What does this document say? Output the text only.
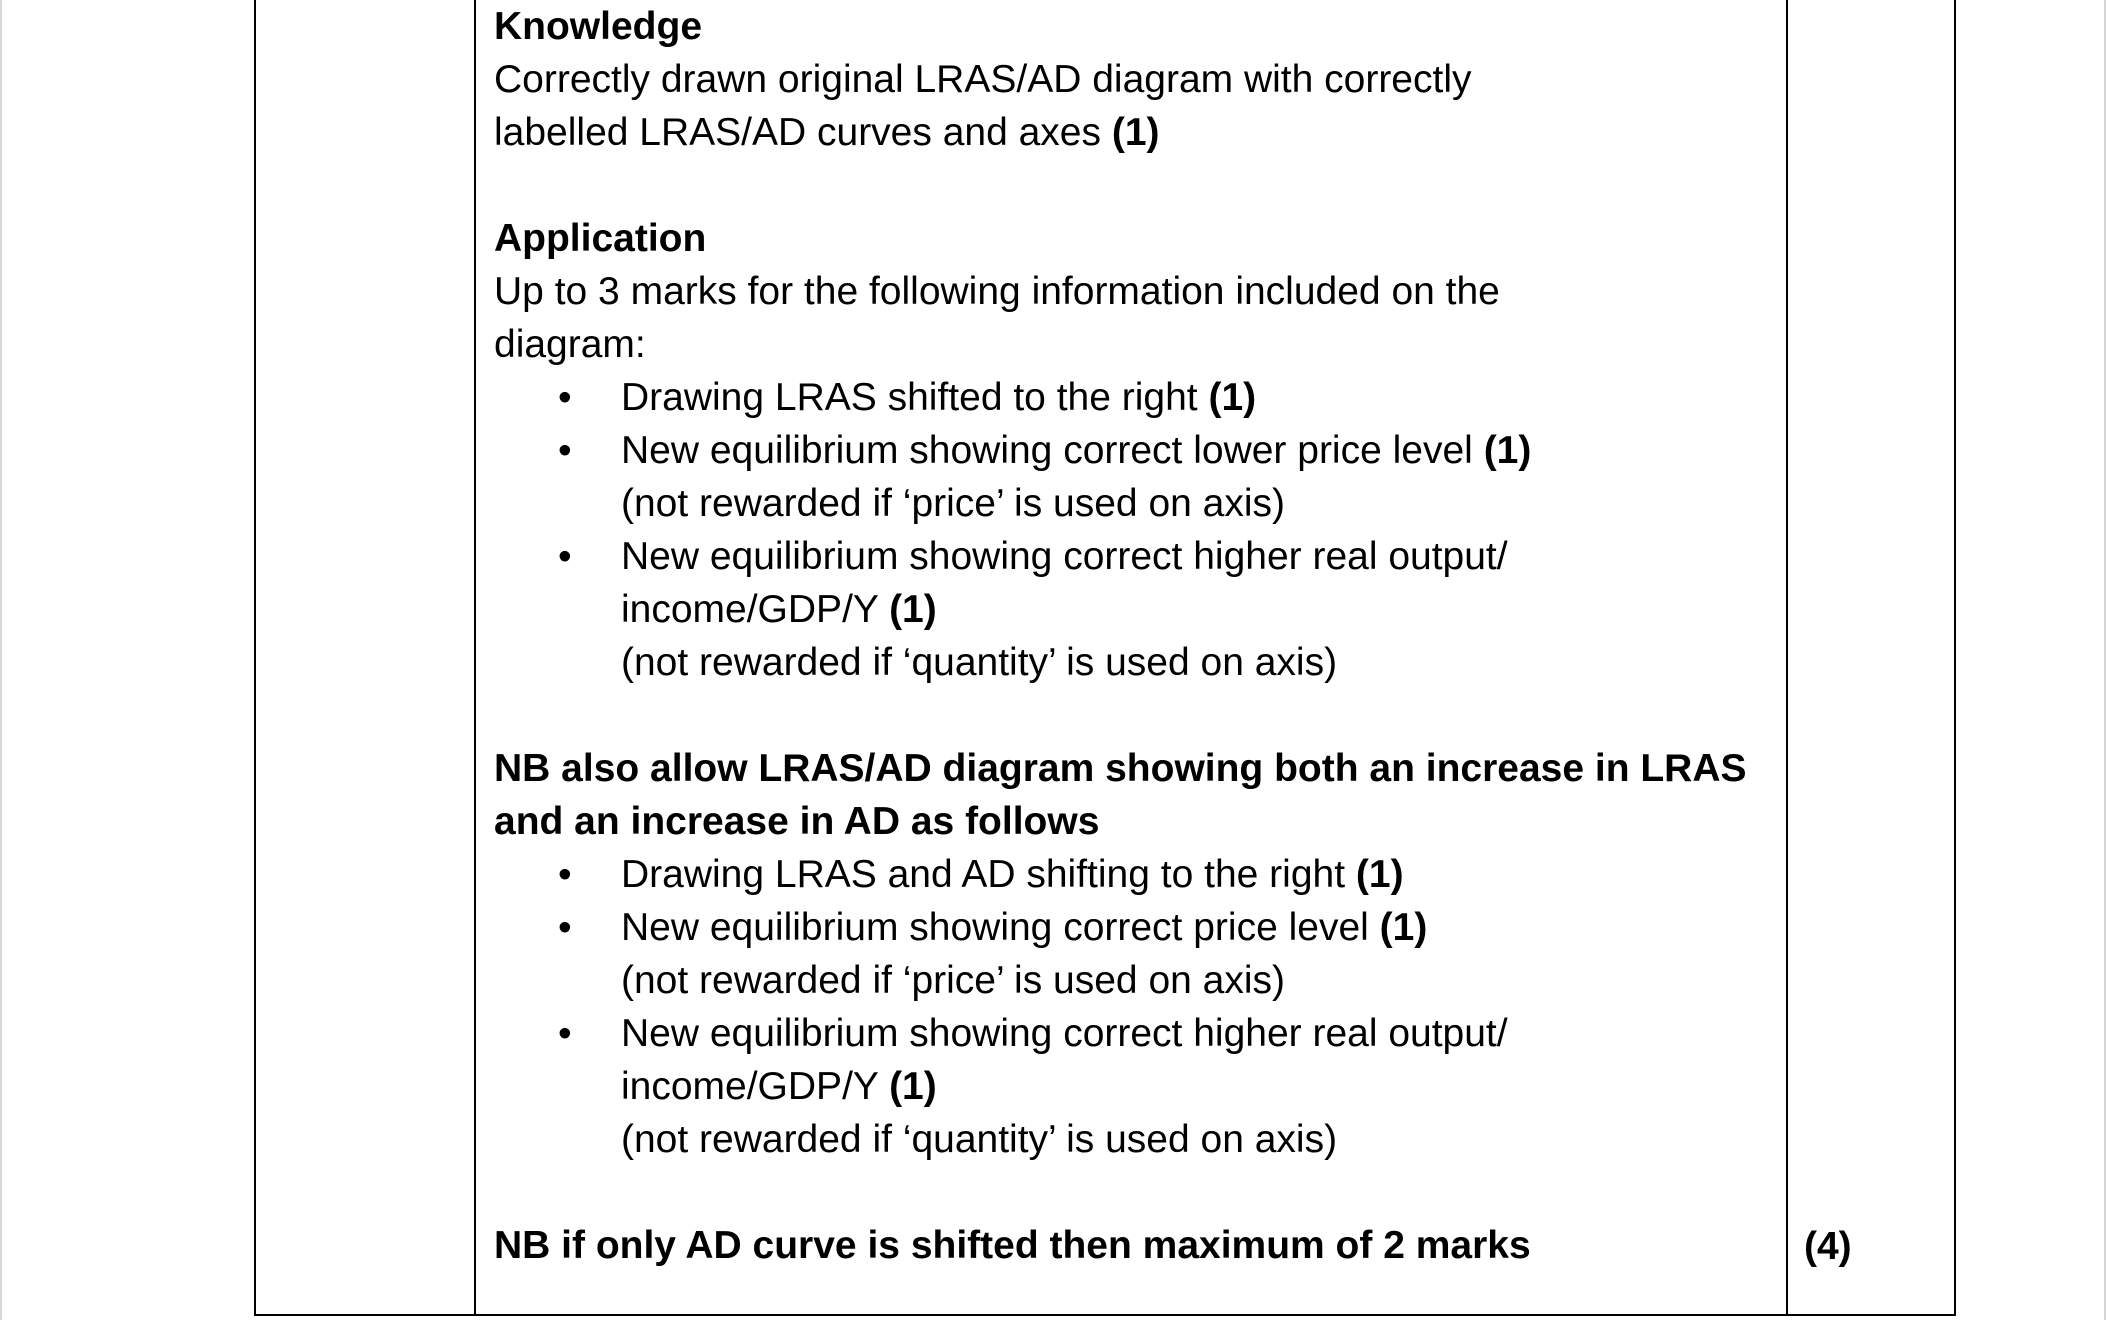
Knowledge

Correctly drawn original LRAS/AD diagram with correctly

labelled LRAS/AD curves and axes (1)

Application

Up to 3 marks for the following information included on the

diagram:

• Drawing LRAS shifted to the right (1)
• New equilibrium showing correct lower price level (1)
(not rewarded if ‘price’ is used on axis)
• New equilibrium showing correct higher real output/
income/GDP/Y (1)
(not rewarded if ‘quantity’ is used on axis)

NB also allow LRAS/AD diagram showing both an increase in LRAS

and an increase in AD as follows

• Drawing LRAS and AD shifting to the right (1)
• New equilibrium showing correct price level (1)
(not rewarded if ‘price’ is used on axis)
• New equilibrium showing correct higher real output/
income/GDP/Y (1)
(not rewarded if ‘quantity’ is used on axis)

NB if only AD curve is shifted then maximum of 2 marks	(4)
